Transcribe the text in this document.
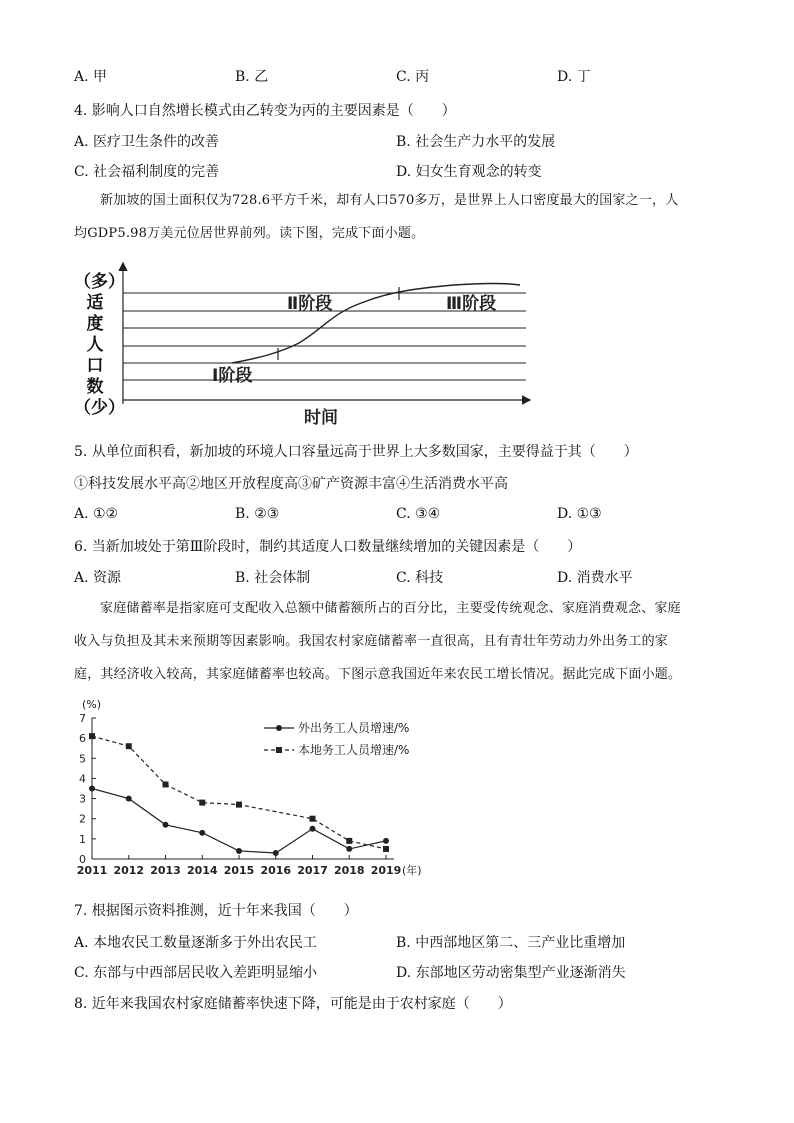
A. 甲	B. 乙	C. 丙	D. 丁
4. 影响人口自然增长模式由乙转变为丙的主要因素是（　　）
A. 医疗卫生条件的改善	B. 社会生产力水平的发展
C. 社会福利制度的完善	D. 妇女生育观念的转变
新加坡的国土面积仅为728.6平方千米，却有人口570多万，是世界上人口密度最大的国家之一，人
均GDP5.98万美元位居世界前列。读下图，完成下面小题。
（多）
适
度
人
口
数
（少）
Ⅰ阶段
Ⅱ阶段	Ⅲ阶段
时间
5. 从单位面积看，新加坡的环境人口容量远高于世界上大多数国家，主要得益于其（　　）
①科技发展水平高②地区开放程度高③矿产资源丰富④生活消费水平高
A. ①②	B. ②③	C. ③④	D. ①③
6. 当新加坡处于第Ⅲ阶段时，制约其适度人口数量继续增加的关键因素是（　　）
A. 资源	B. 社会体制	C. 科技	D. 消费水平
家庭储蓄率是指家庭可支配收入总额中储蓄额所占的百分比，主要受传统观念、家庭消费观念、家庭
收入与负担及其未来预期等因素影响。我国农村家庭储蓄率一直很高，且有青壮年劳动力外出务工的家
庭，其经济收入较高，其家庭储蓄率也较高。下图示意我国近年来农民工增长情况。据此完成下面小题。
0
1
2
3
4
5
6
7
(%)
2011 2012 2013 2014 2015 2016 2017 2018 2019 (年)
外出务工人员增速/%
本地务工人员增速/%
7. 根据图示资料推测，近十年来我国（　　）
A. 本地农民工数量逐渐多于外出农民工	B. 中西部地区第二、三产业比重增加
C. 东部与中西部居民收入差距明显缩小	D. 东部地区劳动密集型产业逐渐消失
8. 近年来我国农村家庭储蓄率快速下降，可能是由于农村家庭（　　）
